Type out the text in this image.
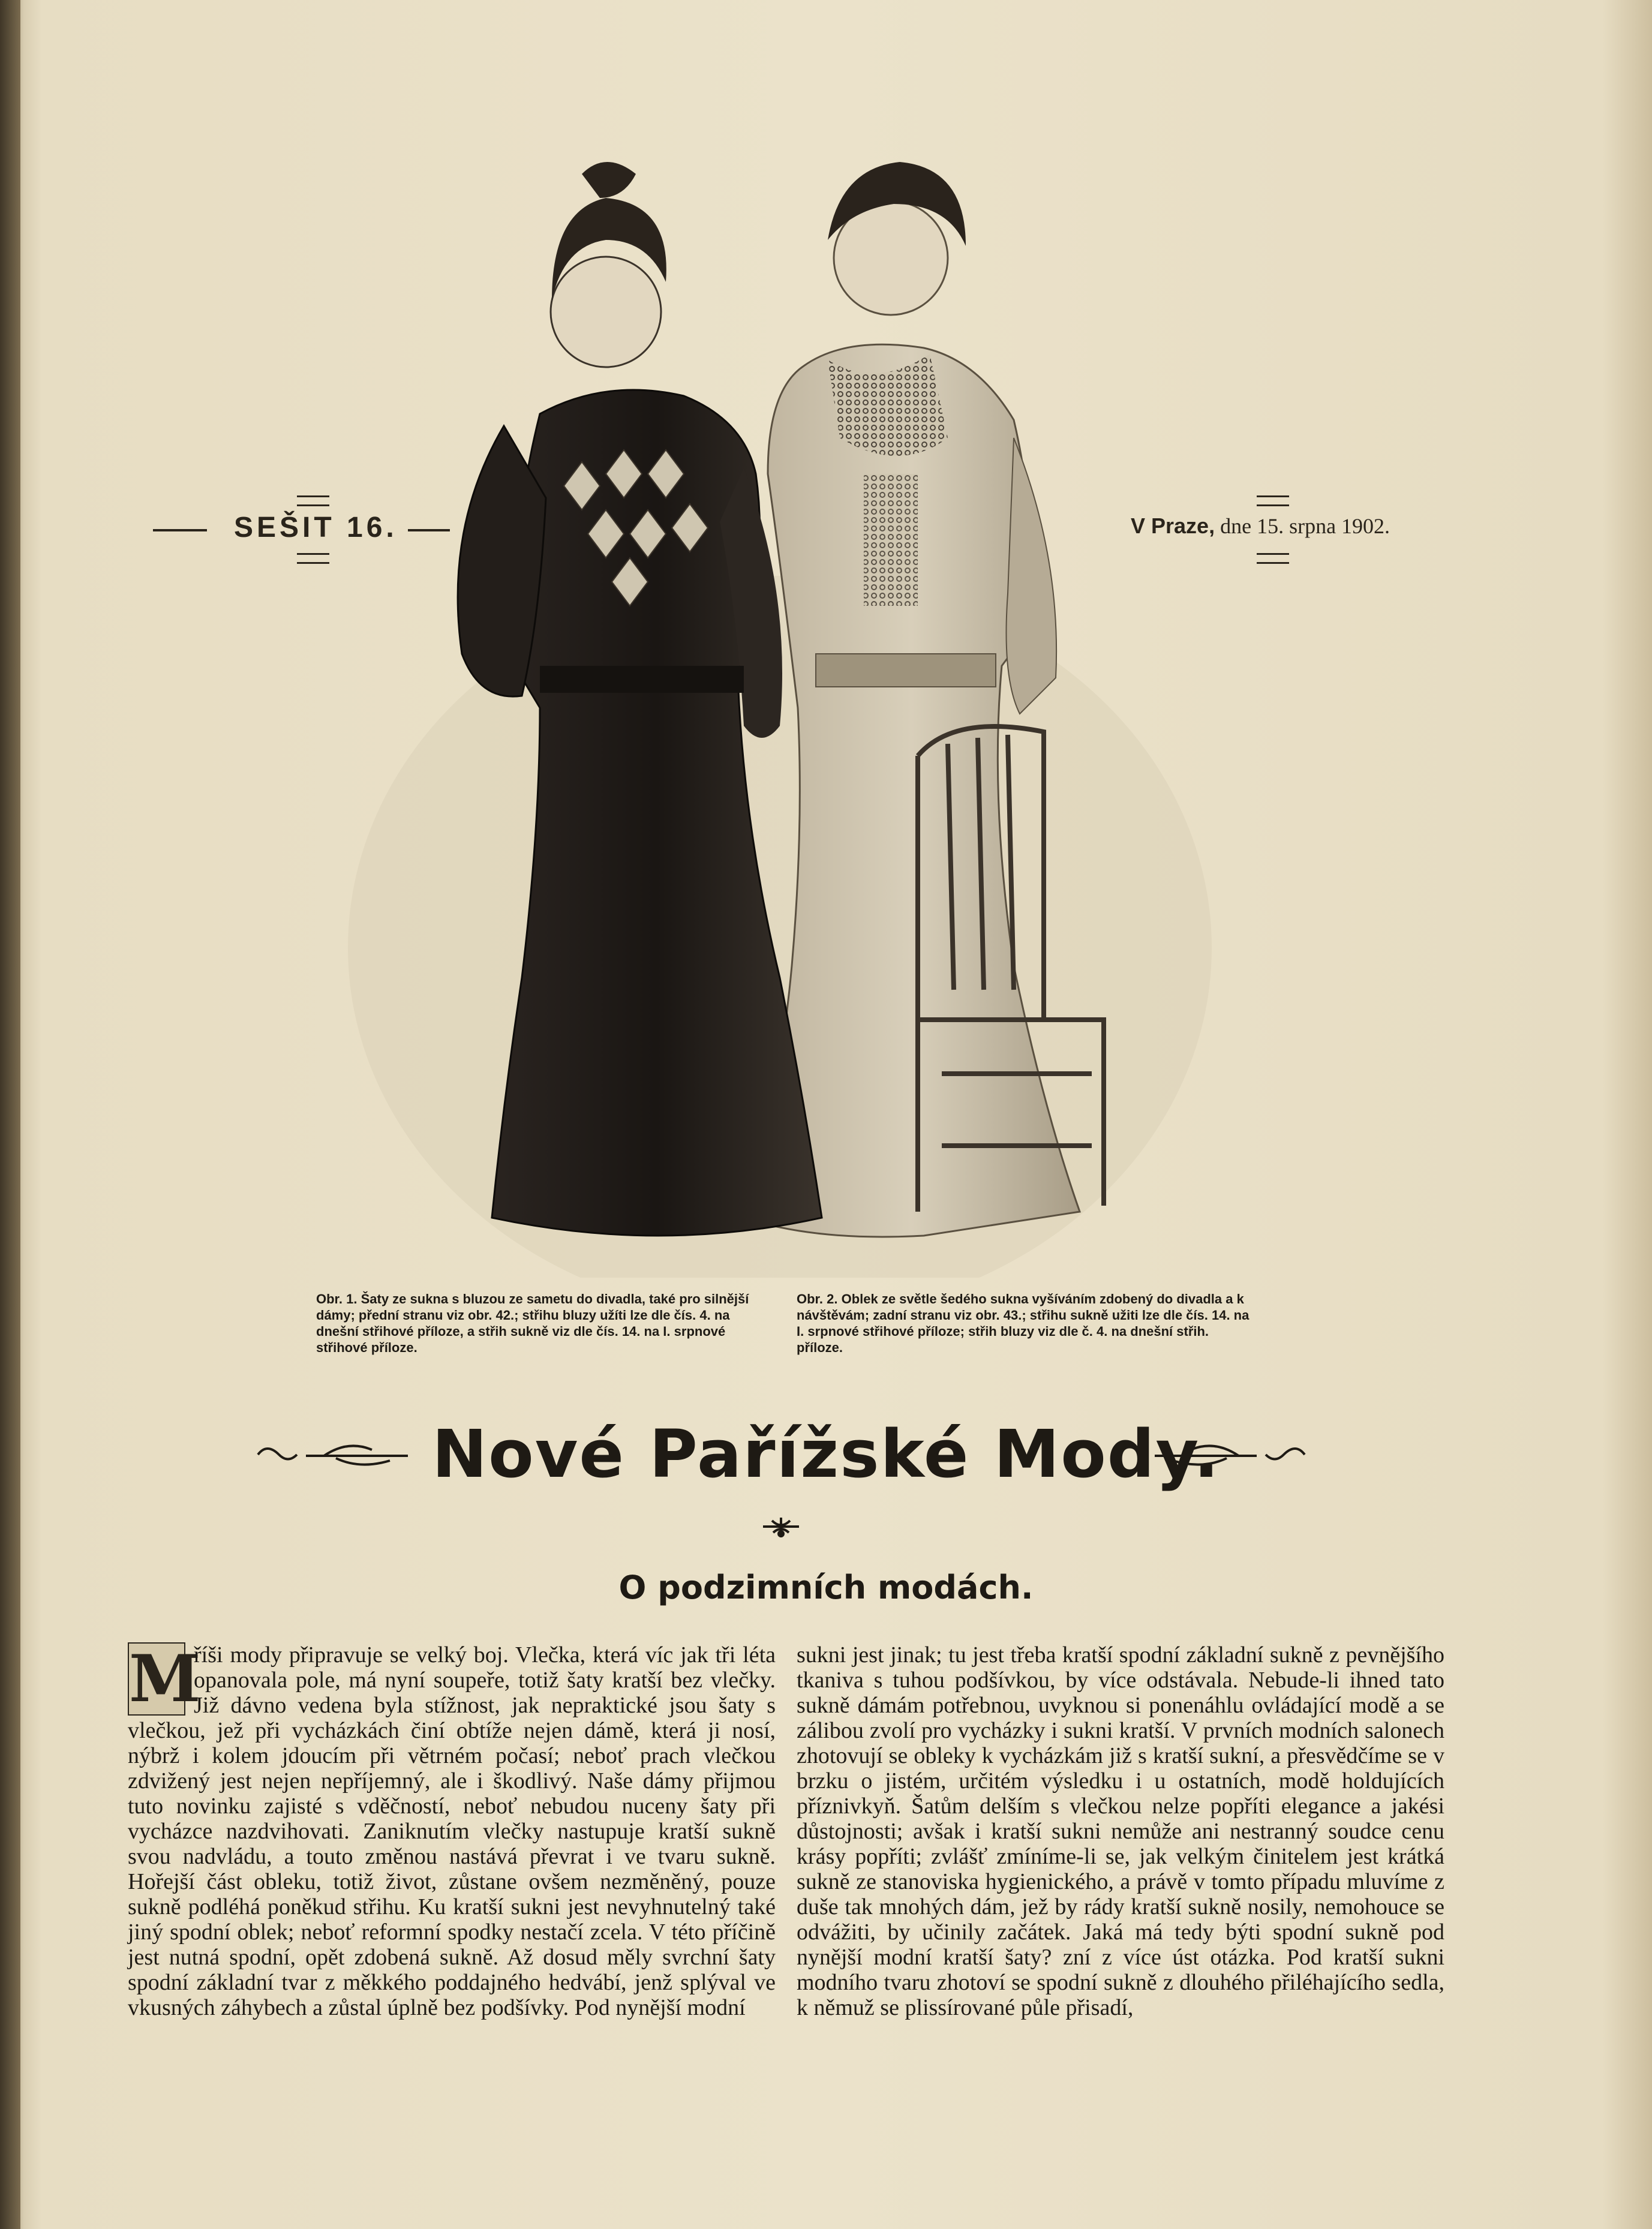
SEŠIT 16.	V Praze, dne 15. srpna 1902.
Obr. 1. Šaty ze sukna s bluzou ze sametu do divadla, také pro silnější dámy; přední stranu viz obr. 42.; střihu bluzy užíti lze dle čís. 4. na dnešní střihové příloze, a střih sukně viz dle čís. 14. na I. srpnové střihové příloze.
Obr. 2. Oblek ze světle šedého sukna vyšíváním zdobený do divadla a k návštěvám; zadní stranu viz obr. 43.; střihu sukně užiti lze dle čís. 14. na I. srpnové střihové příloze; střih bluzy viz dle č. 4. na dnešní střih. příloze.
Nové Pařížské Mody.
O podzimních modách.
M

říši mody připravuje se velký boj. Vlečka, která víc jak tři léta opanovala pole, má nyní soupeře, totiž šaty kratší bez vlečky. Již dávno vedena byla stížnost, jak nepraktické jsou šaty s vlečkou, jež při vycházkách činí obtíže nejen dámě, která ji nosí, nýbrž i kolem jdoucím při větrném počasí; neboť prach vlečkou zdvižený jest nejen nepříjemný, ale i škodlivý. Naše dámy přijmou tuto novinku zajisté s vděčností, neboť nebudou nuceny šaty při vycházce nazdvihovati. Zaniknutím vlečky nastupuje kratší sukně svou nadvládu, a touto změnou nastává převrat i ve tvaru sukně. Hořejší část obleku, totiž život, zůstane ovšem nezměněný, pouze sukně podléhá poněkud střihu. Ku kratší sukni jest nevyhnutelný také jiný spodní oblek; neboť reformní spodky nestačí zcela. V této příčině jest nutná spodní, opět zdobená sukně. Až dosud měly svrchní šaty spodní základní tvar z měkkého poddajného hedvábí, jenž splýval ve vkusných záhybech a zůstal úplně bez podšívky. Pod nynější modní

sukni jest jinak; tu jest třeba kratší spodní základní sukně z pevnějšího tkaniva s tuhou podšívkou, by více odstávala. Nebude-li ihned tato sukně dámám potřebnou, uvyknou si ponenáhlu ovládající modě a se zálibou zvolí pro vycházky i sukni kratší. V prvních modních salonech zhotovují se obleky k vycházkám již s kratší sukní, a přesvědčíme se v brzku o jistém, určitém výsledku i u ostatních, modě holdujících příznivkyň. Šatům delším s vlečkou nelze popříti elegance a jakési důstojnosti; avšak i kratší sukni nemůže ani nestranný soudce cenu krásy popříti; zvlášť zmíníme-li se, jak velkým činitelem jest krátká sukně ze stanoviska hygienického, a právě v tomto případu mluvíme z duše tak mnohých dám, jež by rády kratší sukně nosily, nemohouce se odvážiti, by učinily začátek. Jaká má tedy býti spodní sukně pod nynější modní kratší šaty? zní z více úst otázka. Pod kratší sukni modního tvaru zhotoví se spodní sukně z dlouhého přiléhajícího sedla, k němuž se plissírované půle přisadí,
